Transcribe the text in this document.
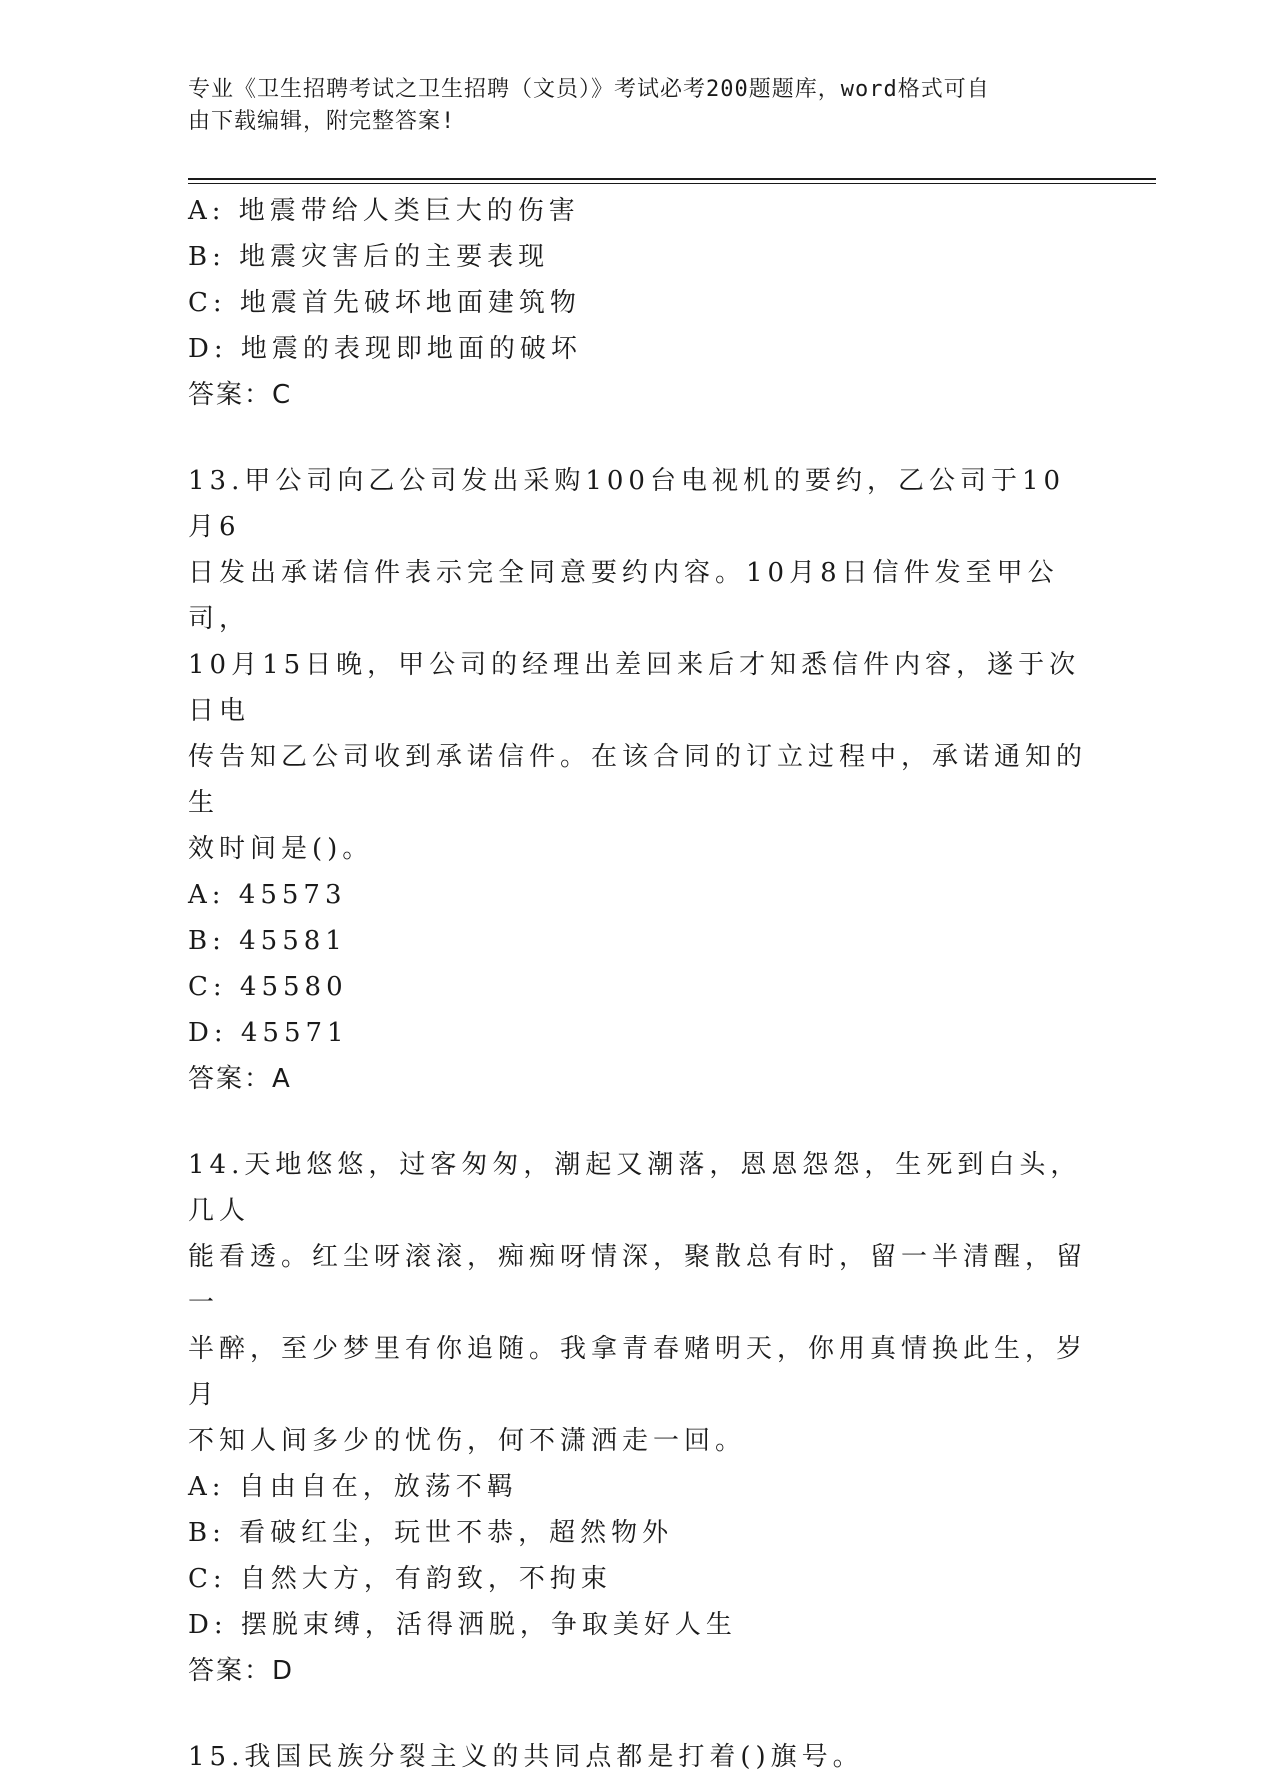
专业《卫生招聘考试之卫生招聘（文员）》考试必考200题题库，word格式可自
由下载编辑，附完整答案!
A: 地震带给人类巨大的伤害
B: 地震灾害后的主要表现
C: 地震首先破坏地面建筑物
D: 地震的表现即地面的破坏
答案：C
13.甲公司向乙公司发出采购100台电视机的要约，乙公司于10月6
日发出承诺信件表示完全同意要约内容。10月8日信件发至甲公司，
10月15日晚，甲公司的经理出差回来后才知悉信件内容，遂于次日电
传告知乙公司收到承诺信件。在该合同的订立过程中，承诺通知的生
效时间是()。
A: 45573
B: 45581
C: 45580
D: 45571
答案：A
14.天地悠悠，过客匆匆，潮起又潮落，恩恩怨怨，生死到白头，几人
能看透。红尘呀滚滚，痴痴呀情深，聚散总有时，留一半清醒，留一
半醉，至少梦里有你追随。我拿青春赌明天，你用真情换此生，岁月
不知人间多少的忧伤，何不潇洒走一回。
A: 自由自在，放荡不羁
B: 看破红尘，玩世不恭，超然物外
C: 自然大方，有韵致，不拘束
D: 摆脱束缚，活得洒脱，争取美好人生
答案：D
15.我国民族分裂主义的共同点都是打着()旗号。
